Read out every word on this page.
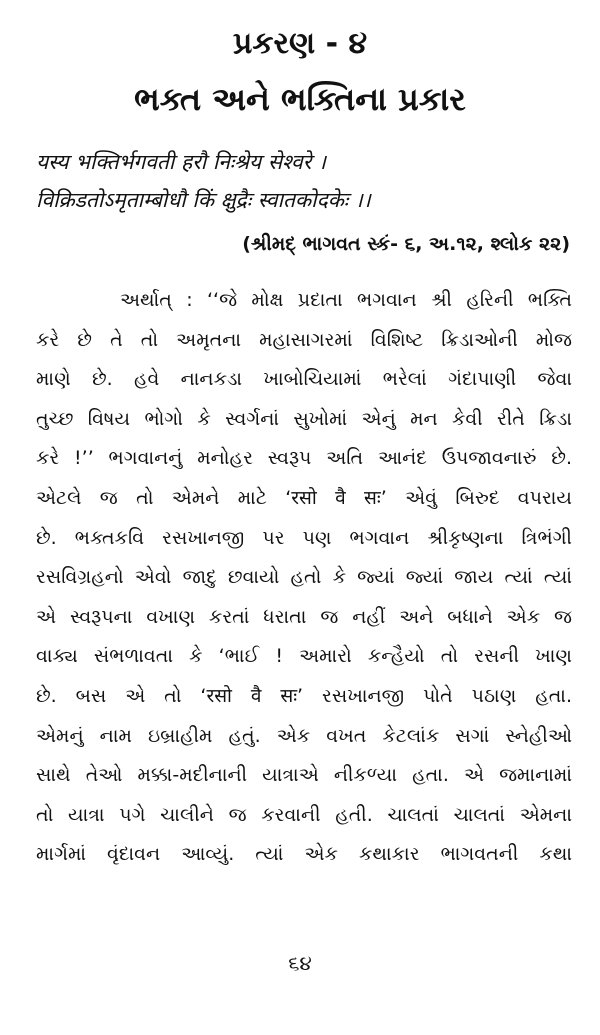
પ્રકરણ - ૪
ભક્ત અને ભક્તિના પ્રકાર
यस्य भक्तिर्भगवती हरौ निःश्रेय सेश्वरे ।
विक्रिडतोऽमृताम्बोधौ किं क्षुद्रैः स्वातकोदकेः ।।
(શ્રીમદ્ ભાગવત સ્કં- ૬, અ.૧૨, શ્લોક ૨૨)
અર્થાત્ : ‘‘જે મોક્ષ પ્રદાતા ભગવાન શ્રી હરિની ભક્તિ
કરે છે તે તો અમૃતના મહાસાગરમાં વિશિષ્ટ ક્રિડાઓની મોજ
માણે છે. હવે નાનકડા ખાબોચિયામાં ભરેલાં ગંદાપાણી જેવા
તુચ્છ વિષય ભોગો કે સ્વર્ગનાં સુખોમાં એનું મન કેવી રીતે ક્રિડા
કરે !’’ ભગવાનનું મનોહર સ્વરૂપ અતિ આનંદ ઉપજાવનારું છે.
એટલે જ તો એમને માટે ‘रसो वै सः’ એવું બિરુદ વપરાય
છે. ભક્તકવિ રસખાનજી પર પણ ભગવાન શ્રીકૃષ્ણના ત્રિભંગી
રસવિગ્રહનો એવો જાદુ છવાયો હતો કે જ્યાં જ્યાં જાય ત્યાં ત્યાં
એ સ્વરૂપના વખાણ કરતાં ધરાતા જ નહીં અને બધાને એક જ
વાક્ય સંભળાવતા કે ‘ભાઈ ! અમારો કન્હૈયો તો રસની ખાણ
છે. બસ એ તો ‘रसो वै सः’ રસખાનજી પોતે પઠાણ હતા.
એમનું નામ ઇબ્રાહીમ હતું. એક વખત કેટલાંક સગાં સ્નેહીઓ
સાથે તેઓ મક્કા-મદીનાની યાત્રાએ નીકળ્યા હતા. એ જમાનામાં
તો યાત્રા પગે ચાલીને જ કરવાની હતી. ચાલતાં ચાલતાં એમના
માર્ગમાં વૃંદાવન આવ્યું. ત્યાં એક કથાકાર ભાગવતની કથા
૬૪
